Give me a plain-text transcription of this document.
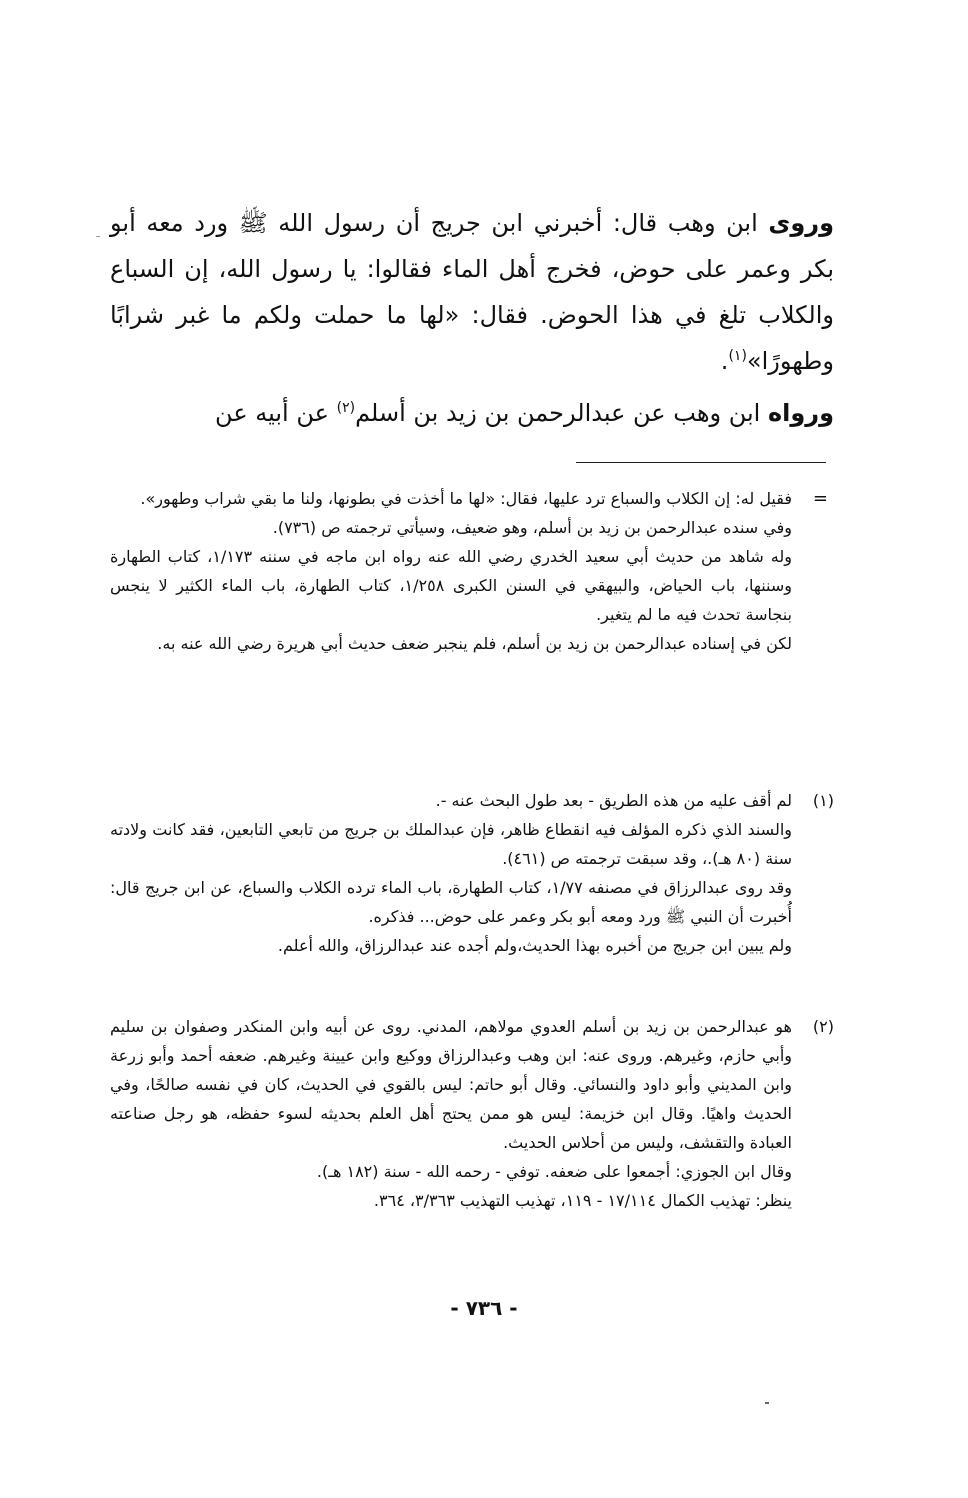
وروى ابن وهب قال: أخبرني ابن جريج أن رسول الله ﷺ ورد معه أبو بكر وعمر على حوض، فخرج أهل الماء فقالوا: يا رسول الله، إن السباع والكلاب تلغ في هذا الحوض. فقال: «لها ما حملت ولكم ما غبر شرابًا وطهورًا»$^{(١)}$.

ورواه ابن وهب عن عبدالرحمن بن زيد بن أسلم$^{(٢)}$ عن أبيه عن

=
فقيل له: إن الكلاب والسباع ترد عليها، فقال: «لها ما أخذت في بطونها، ولنا ما بقي شراب وطهور».
وفي سنده عبدالرحمن بن زيد بن أسلم، وهو ضعيف، وسيأتي ترجمته ص (٧٣٦).
وله شاهد من حديث أبي سعيد الخدري رضي الله عنه رواه ابن ماجه في سننه ١/١٧٣، كتاب الطهارة وسننها، باب الحياض، والبيهقي في السنن الكبرى ١/٢٥٨، كتاب الطهارة، باب الماء الكثير لا ينجس بنجاسة تحدث فيه ما لم يتغير.
لكن في إسناده عبدالرحمن بن زيد بن أسلم، فلم ينجبر ضعف حديث أبي هريرة رضي الله عنه به.
(١)
لم أقف عليه من هذه الطريق - بعد طول البحث عنه -.
والسند الذي ذكره المؤلف فيه انقطاع ظاهر، فإن عبدالملك بن جريج من تابعي التابعين، فقد كانت ولادته سنة (٨٠ هـ).، وقد سبقت ترجمته ص (٤٦١).
وقد روى عبدالرزاق في مصنفه ١/٧٧، كتاب الطهارة، باب الماء ترده الكلاب والسباع، عن ابن جريج قال: أُخبرت أن النبي ﷺ ورد ومعه أبو بكر وعمر على حوض... فذكره.
ولم يبين ابن جريج من أخبره بهذا الحديث،ولم أجده عند عبدالرزاق، والله أعلم.
(٢)
هو عبدالرحمن بن زيد بن أسلم العدوي مولاهم، المدني. روى عن أبيه وابن المنكدر وصفوان بن سليم وأبي حازم، وغيرهم. وروى عنه: ابن وهب وعبدالرزاق ووكيع وابن عيينة وغيرهم. ضعفه أحمد وأبو زرعة وابن المديني وأبو داود والنسائي. وقال أبو حاتم: ليس بالقوي في الحديث، كان في نفسه صالحًا، وفي الحديث واهيًا. وقال ابن خزيمة: ليس هو ممن يحتج أهل العلم بحديثه لسوء حفظه، هو رجل صناعته العبادة والتقشف، وليس من أحلاس الحديث.
وقال ابن الجوزي: أجمعوا على ضعفه. توفي - رحمه الله - سنة (١٨٢ هـ).
ينظر: تهذيب الكمال ١٧/١١٤ - ١١٩، تهذيب التهذيب ٣/٣٦٣، ٣٦٤.
- ٧٣٦ -
